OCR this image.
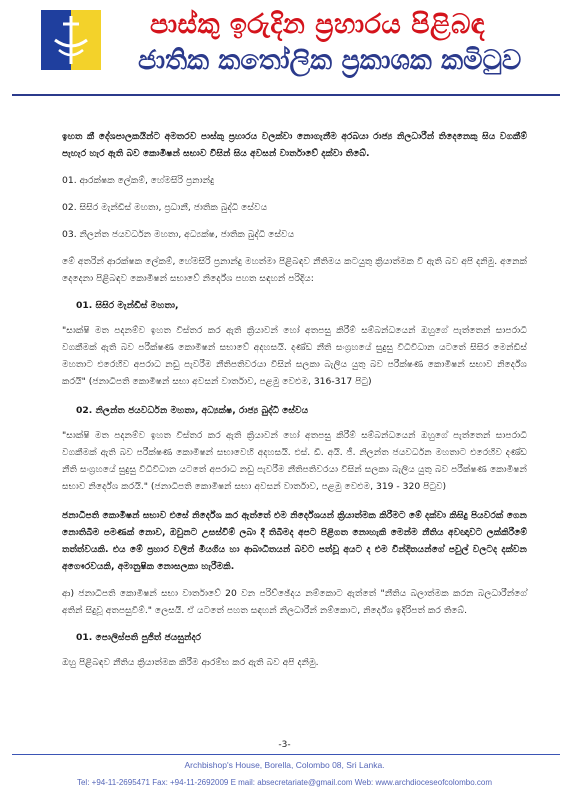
පාස්කු ඉරුදින ප්‍රහාරය පිළිබඳ
ජාතික කතෝලික ප්‍රකාශක කමිටුව

ඉහත කී දේශපාලකයින්ට අමතරව පාස්කු ප්‍රහාරය වලක්වා නොගැනීම අරබයා රාජ්‍ය නිලධාරීන් තිදෙනෙකු සිය වගකීම් පැහැර හැර ඇති බව කොමිෂන් සභාව විසින් සිය අවසන් වාර්තාවේ දක්වා තිබේ.

01. ආරක්ෂක ලේකම්, හේමසිරි ප්‍රනාන්දු
02. සිසිර මැන්ඩිස් මහතා, ප්‍රධානී, ජාතික බුද්ධි සේවය
03. නිලන්ත ජයවර්ධන මහතා, අධ්‍යක්ෂ, ජාතික බුද්ධි සේවය

මේ අතරින් ආරක්ෂක ලේකම්, හේමසිරි ප්‍රනාන්දු මහත්මා පිළිබඳව නීතිමය කටයුතු ක්‍රියාත්මක වී ඇති බව අපි දනිමු. අනෙක් දෙදෙනා පිළිබඳව කොමිෂන් සභාවේ නිර්දේශ පහත සඳහන් පරිදිය:

01. සිසිර මැන්ඩිස් මහතා,

"සාක්ෂි මත පදනම්ව ඉහත විස්තර කර ඇති ක්‍රියාවන් හෝ අතපසු කිරීම් සම්බන්ධයෙන් ඔහුගේ පැත්තෙන් සාපරාධී වගකීමක් ඇති බව පරීක්ෂණ කොමිෂන් සභාවේ අදහසයි. දණ්ඩ නීති සංග්‍රහයේ සුදුසු විධිවිධාන යටතේ සිසිර මෙන්ඩිස් මහතාට එරෙහිව අපරාධ නඩු පැවරීම නීතිපතිවරයා විසින් සලකා බැලිය යුතු බව පරීක්ෂණ කොමිෂන් සභාව නිර්දේශ කරයි" (ජනාධිපති කොමිෂන් සභා අවසන් වාර්තාව, පළමු වෙළුම, 316-317 පිටු)

02. නිලන්ත ජයවර්ධන මහතා, අධ්‍යක්ෂ, රාජ්‍ය බුද්ධි සේවය

"සාක්ෂි මත පදනම්ව ඉහත විස්තර කර ඇති ක්‍රියාවන් හෝ අතපසු කිරීම් සම්බන්ධයෙන් ඔහුගේ පැත්තෙන් සාපරාධී වගකීමක් ඇති බව පරීක්ෂණ කොමිෂන් සභාවෙහි අදහසයි. එස්. ඩී. අයි. ජී. නිලන්ත ජයවර්ධන මහතාට එරෙහිව දණ්ඩ නීති සංග්‍රහයේ සුදුසු විධිවිධාන යටතේ අපරාධ නඩු පැවරීම නීතිපතිවරයා විසින් සලකා බැලිය යුතු බව පරීක්ෂණ කොමිෂන් සභාව නිර්දේශ කරයි." (ජනාධිපති කොමිෂන් සභා අවසන් වාර්තාව, පළමු වෙළුම, 319 - 320 පිටුව)

ජනාධිපති කොමිෂන් සභාව එසේ නිර්දේශ කර ඇත්තේ එම නිර්දේශයන් ක්‍රියාත්මක කිරීමට මේ දක්වා කිසිදු පියවරක් ගෙන නොතිබීම පමණක් නොව, ඔවුනට උසස්වීම් ලබා දී තිබීමද අපට පිළිගත නොහැකි මෙන්ම නීතිය අවඥාවට ලක්කිරීමේ තත්ත්වයකි. එය මේ ප්‍රහාර වලින් මියගිය හා ආබාධිතයන් බවට පත්වූ අයට ද එම වින්දිතයන්ගේ පවුල් වලටද දක්වන අගෞරවයකි, අමානුෂික නොසලකා හැරීමකි.

ආ) ජනාධිපති කොමිෂන් සභා වාර්තාවේ 20 වන පරිච්ඡේදය නම්කොට ඇත්තේ "නීතිය බලාත්මක කරන බලධාරීන්ගේ අතින් සිදුවූ අතපසුවීම්." ලෙසයි. ඒ යටතේ පහත සඳහන් නිලධාරීන් නම්කොට, නිර්දේශ ඉදිරිපත් කර තිබේ.

01. පොලිස්පති පුජිත් ජයසුන්දර

ඔහු පිළිබඳව නීතිය ක්‍රියාත්මක කිරීම ආරම්භ කර ඇති බව අපි දනිමු.

-3-
Archbishop's House, Borella, Colombo 08, Sri Lanka.
Tel: +94-11-2695471 Fax: +94-11-2692009 E mail: absecretariate@gmail.com Web: www.archdioceseofcolombo.com
